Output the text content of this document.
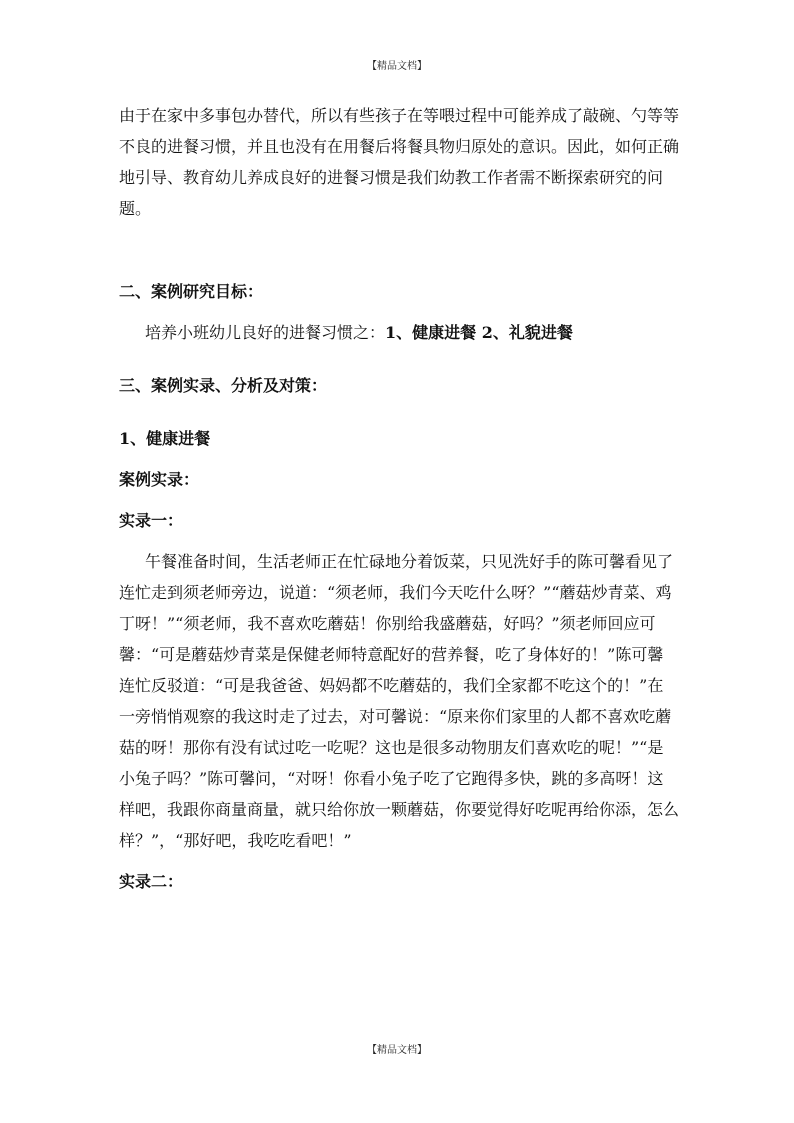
【精品文档】

由于在家中多事包办替代，所以有些孩子在等喂过程中可能养成了敲碗、勺等等不良的进餐习惯，并且也没有在用餐后将餐具物归原处的意识。因此，如何正确地引导、教育幼儿养成良好的进餐习惯是我们幼教工作者需不断探索研究的问题。

二、案例研究目标：

培养小班幼儿良好的进餐习惯之：1、健康进餐 2、礼貌进餐

三、案例实录、分析及对策：

1、健康进餐

案例实录：

实录一：

午餐准备时间，生活老师正在忙碌地分着饭菜，只见洗好手的陈可馨看见了连忙走到须老师旁边，说道：“须老师，我们今天吃什么呀？”“蘑菇炒青菜、鸡丁呀！”“须老师，我不喜欢吃蘑菇！你别给我盛蘑菇，好吗？”须老师回应可馨：“可是蘑菇炒青菜是保健老师特意配好的营养餐，吃了身体好的！”陈可馨连忙反驳道：“可是我爸爸、妈妈都不吃蘑菇的，我们全家都不吃这个的！”在一旁悄悄观察的我这时走了过去，对可馨说：“原来你们家里的人都不喜欢吃蘑菇的呀！那你有没有试过吃一吃呢？这也是很多动物朋友们喜欢吃的呢！”“是小兔子吗？”陈可馨问，“对呀！你看小兔子吃了它跑得多快，跳的多高呀！这样吧，我跟你商量商量，就只给你放一颗蘑菇，你要觉得好吃呢再给你添，怎么样？”，“那好吧，我吃吃看吧！”

实录二：

【精品文档】
